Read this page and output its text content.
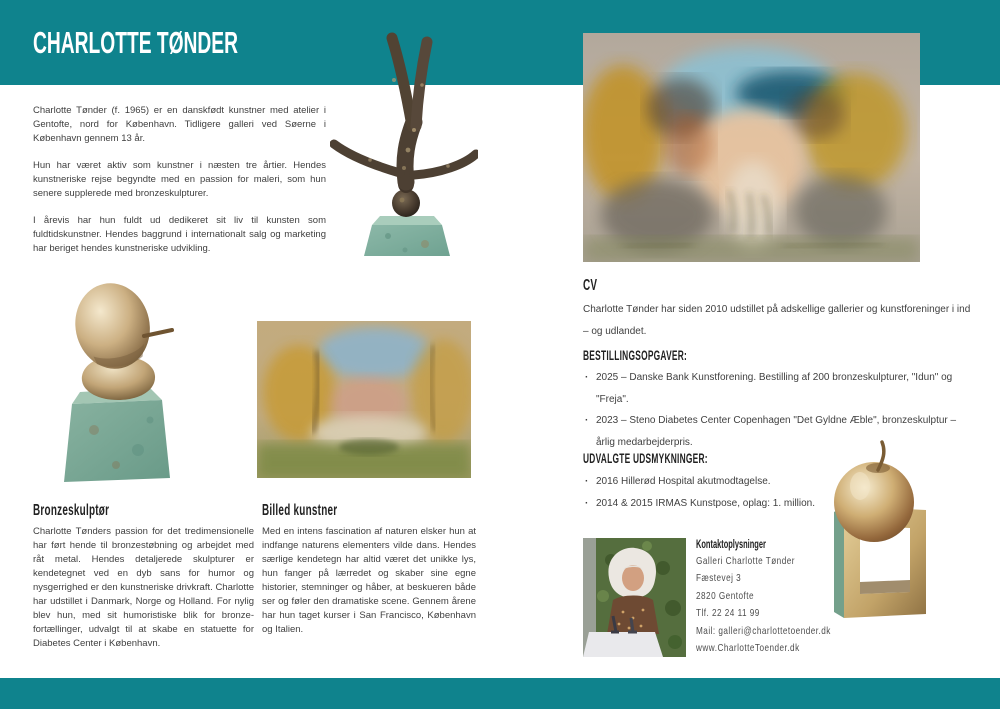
CHARLOTTE TØNDER

Charlotte Tønder (f. 1965) er en danskfødt kunstner med atelier i Gentofte, nord for København. Tidligere galleri ved Søerne i København gennem 13 år.

Hun har været aktiv som kunstner i næsten tre årtier. Hendes kunstneriske rejse begyndte med en passion for maleri, som hun senere supplerede med bronzeskulpturer.

I årevis har hun fuldt ud dedikeret sit liv til kunsten som fuldtidskunstner. Hendes baggrund i internationalt salg og marketing har beriget hendes kunstneriske udvikling.

Bronzeskulptør
Charlotte Tønders passion for det tredimensionelle har ført hende til bronzestøbning og arbejdet med råt metal. Hendes detaljerede skulpturer er kendetegnet ved en dyb sans for humor og nysgerrighed er den kunstneriske drivkraft. Charlotte har udstillet i Danmark, Norge og Holland. For nylig blev hun, med sit humoristiske blik for bronze-fortællinger, udvalgt til at skabe en statuette for Diabetes Center i København.
Billed kunstner
Med en intens fascination af naturen elsker hun at indfange naturens elementers vilde dans. Hendes særlige kendetegn har altid været det unikke lys, hun fanger på lærredet og skaber sine egne historier, stemninger og håber, at beskueren både ser og føler den dramatiske scene. Gennem årene har hun taget kurser i San Francisco, København og Italien.
CV
Charlotte Tønder har siden 2010 udstillet på adskellige gallerier og kunstforeninger i ind – og udlandet.
BESTILLINGSOPGAVER:
· 2025 – Danske Bank Kunstforening. Bestilling af 200 bronzeskulpturer, "Idun" og "Freja".
· 2023 – Steno Diabetes Center Copenhagen "Det Gyldne Æble", bronzeskulptur – årlig medarbejderpris.
UDVALGTE UDSMYKNINGER:
· 2016 Hillerød Hospital akutmodtagelse.
· 2014 & 2015 IRMAS Kunstpose, oplag: 1. million.
Kontaktoplysninger
Galleri Charlotte Tønder
Fæstevej 3
2820 Gentofte
Tlf. 22 24 11 99
Mail: galleri@charlottetoender.dk
www.CharlotteToender.dk
